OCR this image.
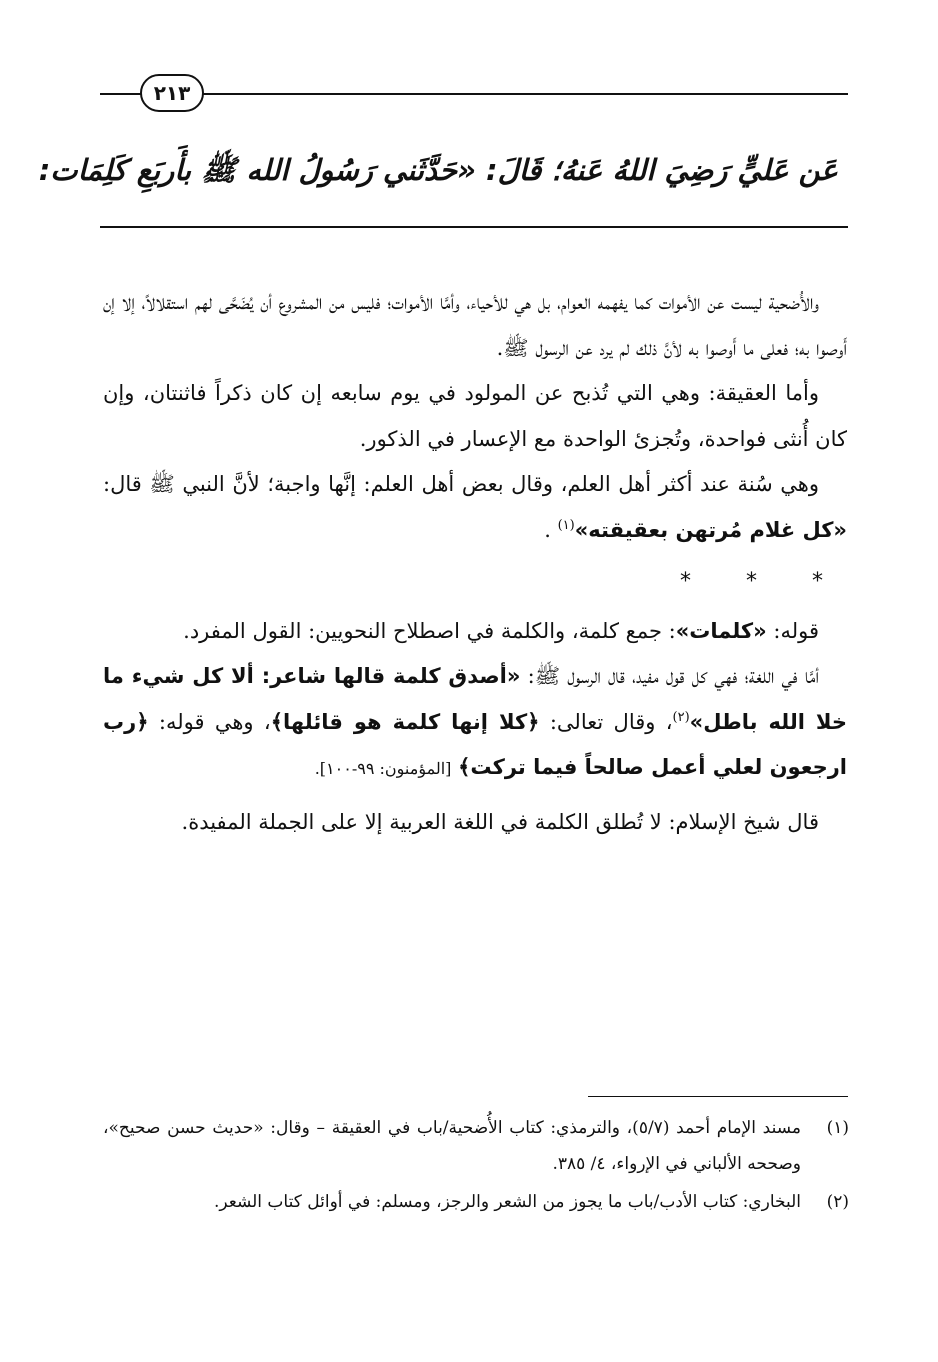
٢١٣
عَن عَليٍّ رَضِيَ اللهُ عَنهُ؛ قَالَ: «حَدَّثَني رَسُولُ الله ﷺ بأَربَعِ كَلِمَات:

والأُضحية ليست عن الأموات كما يفهمه العوام، بل هي للأحياء، وأمَّا الأموات؛ فليس من المشروع أن يُضَحَّى لهم استقلالاً، إلا إن أَوصوا به؛ فعلى ما أَوصوا به لأنَّ ذلك لم يرد عن الرسول ﷺ.

وأما العقيقة: وهي التي تُذبح عن المولود في يوم سابعه إن كان ذكراً فاثنتان، وإن كان أُنثى فواحدة، وتُجزئ الواحدة مع الإعسار في الذكور.

وهي سُنة عند أكثر أهل العلم، وقال بعض أهل العلم: إنَّها واجبة؛ لأنَّ النبي ﷺ قال: «كل غلام مُرتهن بعقيقته»$^{(١)}$ .

* * *

قوله: «كلمات»: جمع كلمة، والكلمة في اصطلاح النحويين: القول المفرد.

أمَّا في اللغة؛ فهي كل قول مفيد، قال الرسول ﷺ: «أصدق كلمة قالها شاعر: ألا كل شيء ما خلا الله باطل»$^{(٢)}$، وقال تعالى: ﴿كلا إنها كلمة هو قائلها﴾، وهي قوله: ﴿رب ارجعون لعلي أعمل صالحاً فيما تركت﴾ [المؤمنون: ٩٩-١٠٠].

قال شيخ الإسلام: لا تُطلق الكلمة في اللغة العربية إلا على الجملة المفيدة.

(١)
مسند الإمام أحمد (٥/٧)، والترمذي: كتاب الأُضحية/باب في العقيقة – وقال: «حديث حسن صحيح»، وصححه الألباني في الإرواء، ٤/ ٣٨٥.
(٢)
البخاري: كتاب الأدب/باب ما يجوز من الشعر والرجز، ومسلم: في أوائل كتاب الشعر.
